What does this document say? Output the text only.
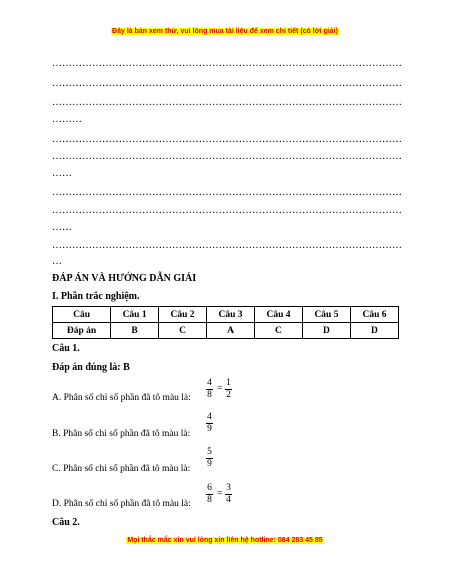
Đây là bản xem thử, vui lòng mua tài liệu để xem chi tiết (có lời giải)
……………………………………………………………………………………………
……………………………………………………………………………………………
……………………………………………………………………………………………
………
……………………………………………………………………………………………
……………………………………………………………………………………………
……
……………………………………………………………………………………………
……………………………………………………………………………………………
……
……………………………………………………………………………………………
…
ĐÁP ÁN VÀ HƯỚNG DẪN GIẢI
I. Phần trắc nghiệm.
Câu	Câu 1	Câu 2	Câu 3	Câu 4	Câu 5	Câu 6
Đáp án	B	C	A	C	D	D
Câu 1.
Đáp án đúng là: B
A. Phân số chỉ số phần đã tô màu là:
4
8
=
1
2
B. Phân số chỉ số phần đã tô màu là:
4
9
C. Phân số chỉ số phần đã tô màu là:
5
9
D. Phân số chỉ số phần đã tô màu là:
6
8
=
3
4
Câu 2.
Mọi thắc mắc xin vui lòng xin liên hệ hotline: 084 283 45 85
